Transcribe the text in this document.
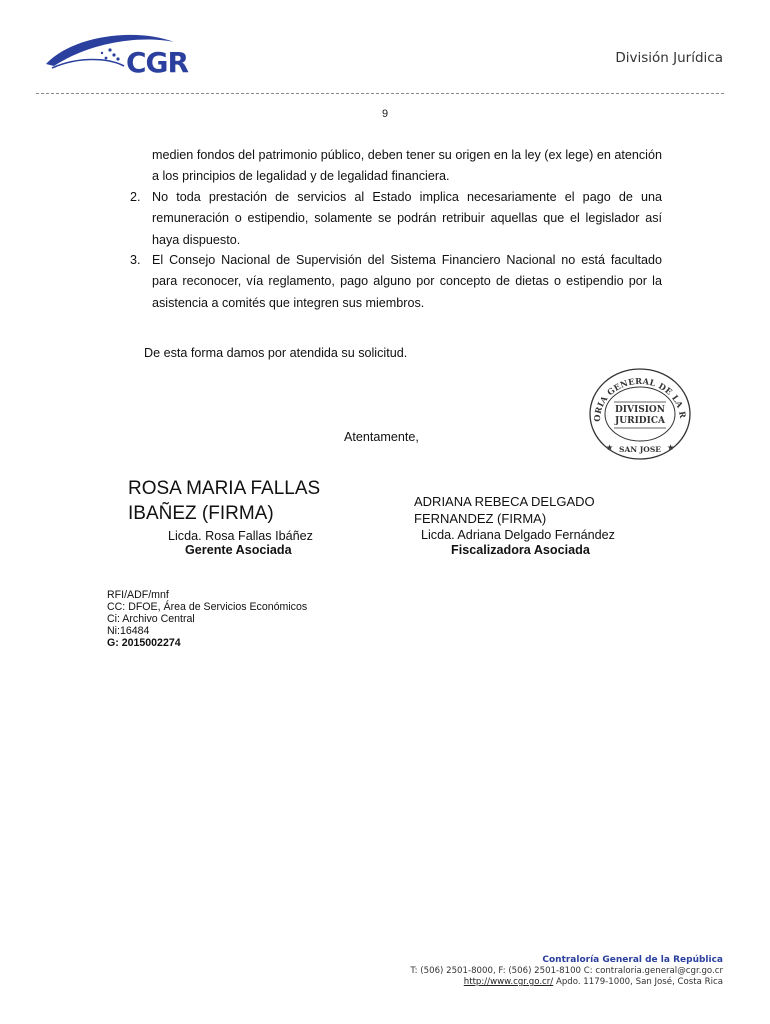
CGR	División Jurídica
9
medien fondos del patrimonio público, deben tener su origen en la ley (ex lege) en atención a los principios de legalidad y de legalidad financiera.
2. No toda prestación de servicios al Estado implica necesariamente el pago de una remuneración o estipendio, solamente se podrán retribuir aquellas que el legislador así haya dispuesto.
3. El Consejo Nacional de Supervisión del Sistema Financiero Nacional no está facultado para reconocer, vía reglamento, pago alguno por concepto de dietas o estipendio por la asistencia a comités que integren sus miembros.
De esta forma damos por atendida su solicitud.
Atentamente,
ORIA GENERAL DE LA R
DIVISION
JURIDICA
SAN JOSE
★	★
ROSA MARIA FALLAS
IBAÑEZ (FIRMA)
Licda. Rosa Fallas Ibáñez
Gerente Asociada
ADRIANA REBECA DELGADO
FERNANDEZ (FIRMA)
Licda. Adriana Delgado Fernández
Fiscalizadora Asociada
RFI/ADF/mnf
CC: DFOE, Área de Servicios Económicos
Ci: Archivo Central
Ni:16484
G: 2015002274
Contraloría General de la República
T: (506) 2501-8000, F: (506) 2501-8100 C: contraloria.general@cgr.go.cr
http://www.cgr.go.cr/ Apdo. 1179-1000, San José, Costa Rica
